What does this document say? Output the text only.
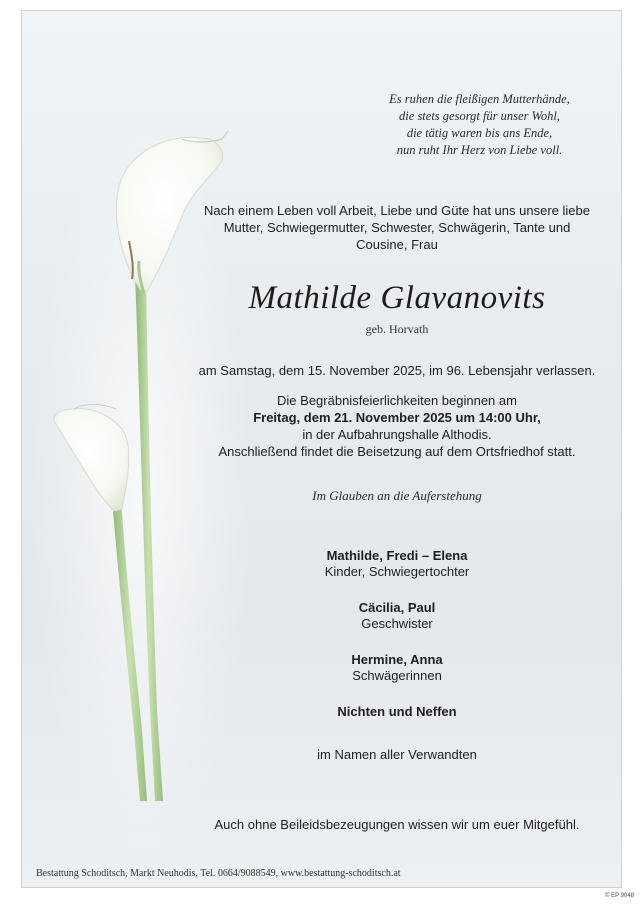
Es ruhen die fleißigen Mutterhände,
die stets gesorgt für unser Wohl,
die tätig waren bis ans Ende,
nun ruht Ihr Herz von Liebe voll.
Nach einem Leben voll Arbeit, Liebe und Güte hat uns unsere liebe
Mutter, Schwiegermutter, Schwester, Schwägerin, Tante und
Cousine, Frau
Mathilde Glavanovits
geb. Horvath
am Samstag, dem 15. November 2025, im 96. Lebensjahr verlassen.
Die Begräbnisfeierlichkeiten beginnen am
Freitag, dem 21. November 2025 um 14:00 Uhr,
in der Aufbahrungshalle Althodis.
Anschließend findet die Beisetzung auf dem Ortsfriedhof statt.
Im Glauben an die Auferstehung
Mathilde, Fredi – Elena
Kinder, Schwiegertochter
Cäcilia, Paul
Geschwister
Hermine, Anna
Schwägerinnen
Nichten und Neffen
im Namen aller Verwandten
Auch ohne Beileidsbezeugungen wissen wir um euer Mitgefühl.
Bestattung Schoditsch, Markt Neuhodis, Tel. 0664/9088549, www.bestattung-schoditsch.at
© EP 9048
